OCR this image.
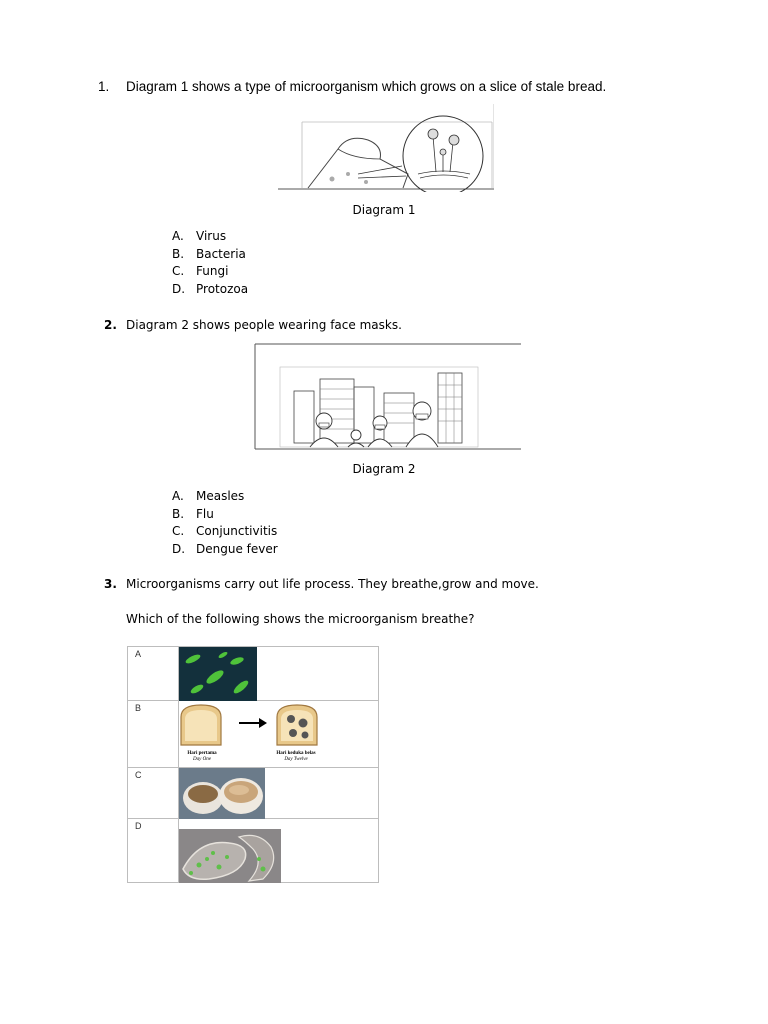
1. Diagram 1 shows a type of microorganism which grows on a slice of stale bread.
Diagram 1
A. Virus
B. Bacteria
C. Fungi
D. Protozoa
2. Diagram 2 shows people wearing face masks.
Diagram 2
A. Measles
B. Flu
C. Conjunctivitis
D. Dengue fever
3. Microorganisms carry out life process. They breathe,grow and move.
Which of the following shows the microorganism breathe?
A

B	Hari pertama
Day One
Hari keduka belas
Day Twelve

C

D
